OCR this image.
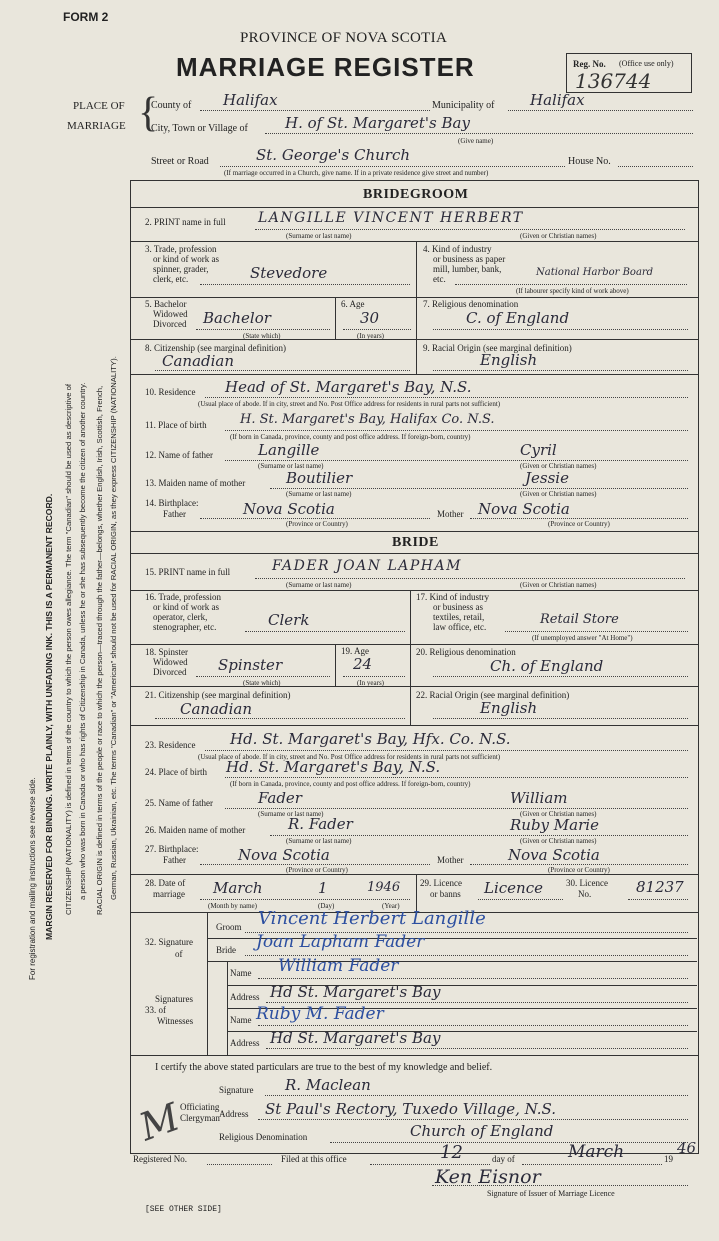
FORM 2
PROVINCE OF NOVA SCOTIA
MARRIAGE REGISTER	Reg. No. (Office use only)
136744
PLACE OF
MARRIAGE {
County of Halifax	Municipality of Halifax
City, Town or Village of H. of St. Margaret's Bay
(Give name)
Street or Road	St. George's Church	House No.
(If marriage occurred in a Church, give name. If in a private residence give street and number)
For registration and mailing instructions see reverse side. MARGIN RESERVED FOR BINDING. WRITE PLAINLY, WITH UNFADING INK. THIS IS A PERMANENT RECORD. CITIZENSHIP (NATIONALITY) is defined in terms of the country to which the person owes allegiance. The term "Canadian" should be used as descriptive of a person who was born in Canada or who has rights of Citizenship in Canada, unless he or she has subsequently become the citizen of another country. RACIAL ORIGIN is defined in terms of the people or race to which the person—traced through the father—belongs, whether English, Irish, Scottish, French, German, Russian, Ukrainian, etc. The terms "Canadian" or "American" should not be used for RACIAL ORIGIN, as they express CITIZENSHIP (NATIONALITY).
BRIDEGROOM
2. PRINT name in full LANGILLE VINCENT HERBERT
(Surname or last name)	(Given or Christian names)
3. Trade, profession
or kind of work as
spinner, grader,
clerk, etc.	Stevedore
4. Kind of industry
or business as paper
mill, lumber, bank,
etc.
National Harbor Board
(If labourer specify kind of work above)
5. Bachelor
Widowed
Divorced Bachelor
(State which)
6. Age
30
(In years)
7. Religious denomination
C. of England
8. Citizenship (see marginal definition)
Canadian
9. Racial Origin (see marginal definition)
English
10. Residence Head of St. Margaret's Bay, N.S.
(Usual place of abode. If in city, street and No. Post Office address for residents in rural parts not sufficient)
11. Place of birth	H. St. Margaret's Bay, Halifax Co. N.S.
(If born in Canada, province, county and post office address. If foreign-born, country)
12. Name of father	Langille	Cyril
(Surname or last name)	(Given or Christian names)
13. Maiden name of mother	Boutilier	Jessie
(Surname or last name)	(Given or Christian names)
14. Birthplace:
Father	Nova Scotia	Mother Nova Scotia
(Province or Country)	(Province or Country)
BRIDE
15. PRINT name in full	FADER JOAN LAPHAM
(Surname or last name)	(Given or Christian names)
16. Trade, profession
or kind of work as
operator, clerk,
stenographer, etc.	Clerk
17. Kind of industry
or business as
textiles, retail,
law office, etc.	Retail Store
(If unemployed answer "At Home")
18. Spinster
Widowed
Divorced Spinster
(State which)
19. Age
24
(In years)
20. Religious denomination
Ch. of England
21. Citizenship (see marginal definition)
Canadian
22. Racial Origin (see marginal definition)
English
23. Residence Hd. St. Margaret's Bay, Hfx. Co. N.S.
(Usual place of abode. If in city, street and No. Post Office address for residents in rural parts not sufficient)
24. Place of birth Hd. St. Margaret's Bay, N.S.
(If born in Canada, province, county and post office address. If foreign-born, country)
25. Name of father	Fader	William
(Surname or last name)	(Given or Christian names)
26. Maiden name of mother	R. Fader	Ruby Marie
(Surname or last name)	(Given or Christian names)
27. Birthplace:
Father	Nova Scotia	Mother	Nova Scotia
(Province or Country)	(Province or Country)
28. Date of
marriage March	1	1946
(Month by name)	(Day)	(Year)
29. Licence
or banns Licence	30. Licence
No.	81237
32. Signature
of
Groom Vincent Herbert Langille
Bride Joan Lapham Fader
Signatures
33. of
Witnesses
Name William Fader
Address Hd St. Margaret's Bay
Name Ruby M. Fader
Address Hd St. Margaret's Bay
I certify the above stated particulars are true to the best of my knowledge and belief.
Officiating
Clergyman
Signature R. Maclean
Address St Paul's Rectory, Tuxedo Village, N.S.
Religious Denomination	Church of England
Registered No.	Filed at this office	12	day of	March	19
46
Ken Eisnor
Signature of Issuer of Marriage Licence
[SEE OTHER SIDE]
M
